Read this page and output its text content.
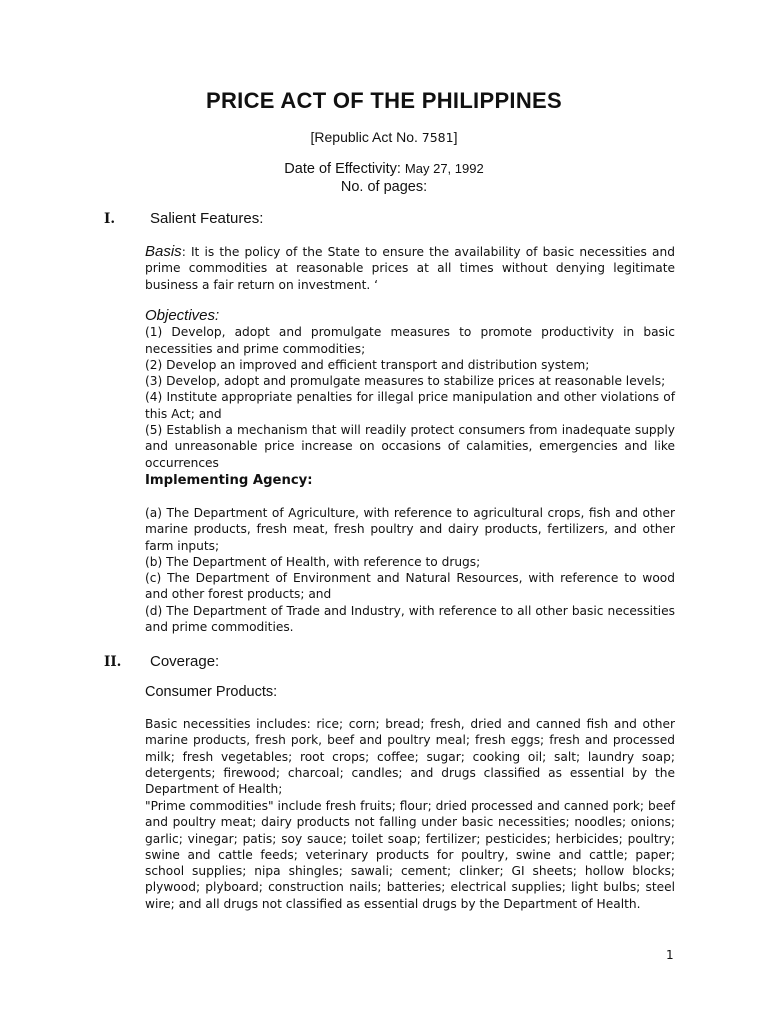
PRICE ACT OF THE PHILIPPINES
[Republic Act No. 7581]
Date of Effectivity: May 27, 1992
No. of pages:
I. Salient Features:

Basis: It is the policy of the State to ensure the availability of basic necessities and prime commodities at reasonable prices at all times without denying legitimate business a fair return on investment. ‘

Objectives:

(1) Develop, adopt and promulgate measures to promote productivity in basic necessities and prime commodities;

(2) Develop an improved and efficient transport and distribution system;

(3) Develop, adopt and promulgate measures to stabilize prices at reasonable levels;

(4) Institute appropriate penalties for illegal price manipulation and other violations of this Act; and

(5) Establish a mechanism that will readily protect consumers from inadequate supply and unreasonable price increase on occasions of calamities, emergencies and like occurrences

Implementing Agency:

(a) The Department of Agriculture, with reference to agricultural crops, fish and other marine products, fresh meat, fresh poultry and dairy products, fertilizers, and other farm inputs;

(b) The Department of Health, with reference to drugs;

(c) The Department of Environment and Natural Resources, with reference to wood and other forest products; and

(d) The Department of Trade and Industry, with reference to all other basic necessities and prime commodities.

II. Coverage:
Consumer Products:

Basic necessities includes: rice; corn; bread; fresh, dried and canned fish and other marine products, fresh pork, beef and poultry meal; fresh eggs; fresh and processed milk; fresh vegetables; root crops; coffee; sugar; cooking oil; salt; laundry soap; detergents; firewood; charcoal; candles; and drugs classified as essential by the Department of Health;

"Prime commodities" include fresh fruits; flour; dried processed and canned pork; beef and poultry meat; dairy products not falling under basic necessities; noodles; onions; garlic; vinegar; patis; soy sauce; toilet soap; fertilizer; pesticides; herbicides; poultry; swine and cattle feeds; veterinary products for poultry, swine and cattle; paper; school supplies; nipa shingles; sawali; cement; clinker; GI sheets; hollow blocks; plywood; plyboard; construction nails; batteries; electrical supplies; light bulbs; steel wire; and all drugs not classified as essential drugs by the Department of Health.

1
